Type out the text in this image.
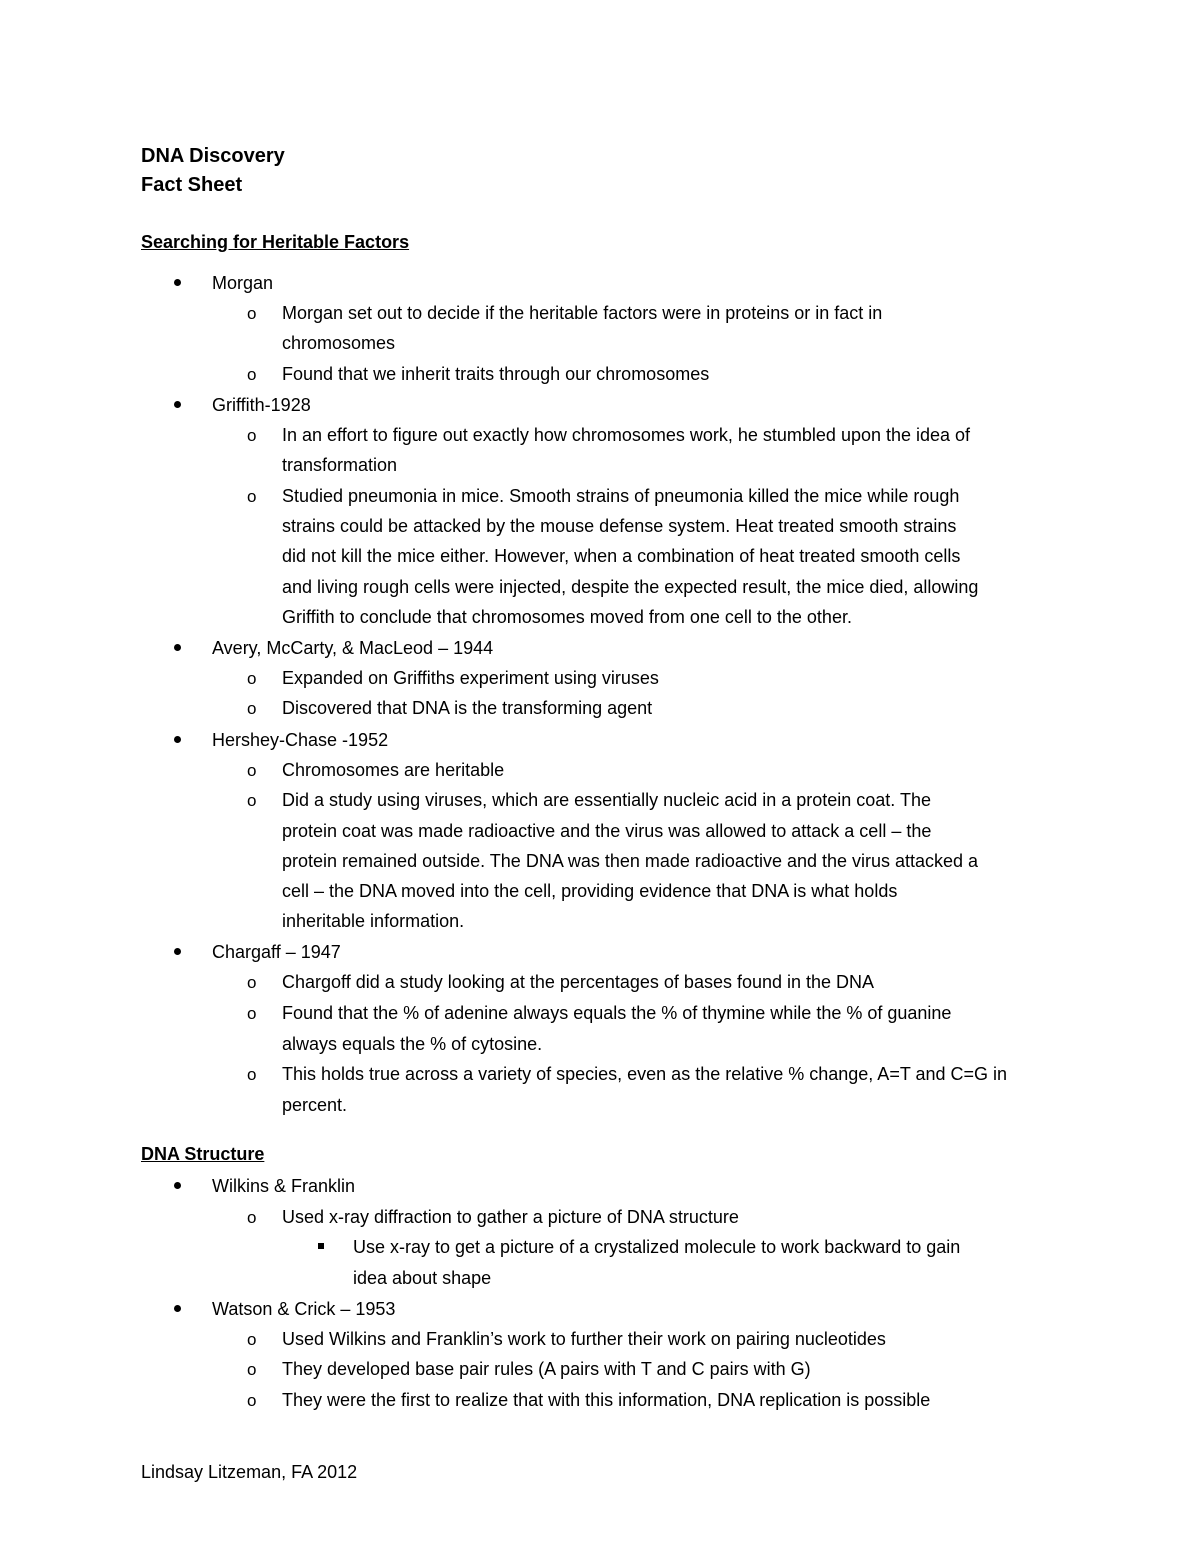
DNA Discovery
Fact Sheet
Searching for Heritable Factors
Morgan
o Morgan set out to decide if the heritable factors were in proteins or in fact in
chromosomes
o Found that we inherit traits through our chromosomes
Griffith-1928
o In an effort to figure out exactly how chromosomes work, he stumbled upon the idea of
transformation
o Studied pneumonia in mice. Smooth strains of pneumonia killed the mice while rough
strains could be attacked by the mouse defense system. Heat treated smooth strains
did not kill the mice either. However, when a combination of heat treated smooth cells
and living rough cells were injected, despite the expected result, the mice died, allowing
Griffith to conclude that chromosomes moved from one cell to the other.
Avery, McCarty, & MacLeod – 1944
o Expanded on Griffiths experiment using viruses
o Discovered that DNA is the transforming agent
Hershey-Chase -1952
o Chromosomes are heritable
o Did a study using viruses, which are essentially nucleic acid in a protein coat. The
protein coat was made radioactive and the virus was allowed to attack a cell – the
protein remained outside. The DNA was then made radioactive and the virus attacked a
cell – the DNA moved into the cell, providing evidence that DNA is what holds
inheritable information.
Chargaff – 1947
o Chargoff did a study looking at the percentages of bases found in the DNA
o Found that the % of adenine always equals the % of thymine while the % of guanine
always equals the % of cytosine.
o This holds true across a variety of species, even as the relative % change, A=T and C=G in
percent.
DNA Structure
Wilkins & Franklin
o Used x-ray diffraction to gather a picture of DNA structure
Use x-ray to get a picture of a crystalized molecule to work backward to gain
idea about shape
Watson & Crick – 1953
o Used Wilkins and Franklin’s work to further their work on pairing nucleotides
o They developed base pair rules (A pairs with T and C pairs with G)
o They were the first to realize that with this information, DNA replication is possible
Lindsay Litzeman, FA 2012
